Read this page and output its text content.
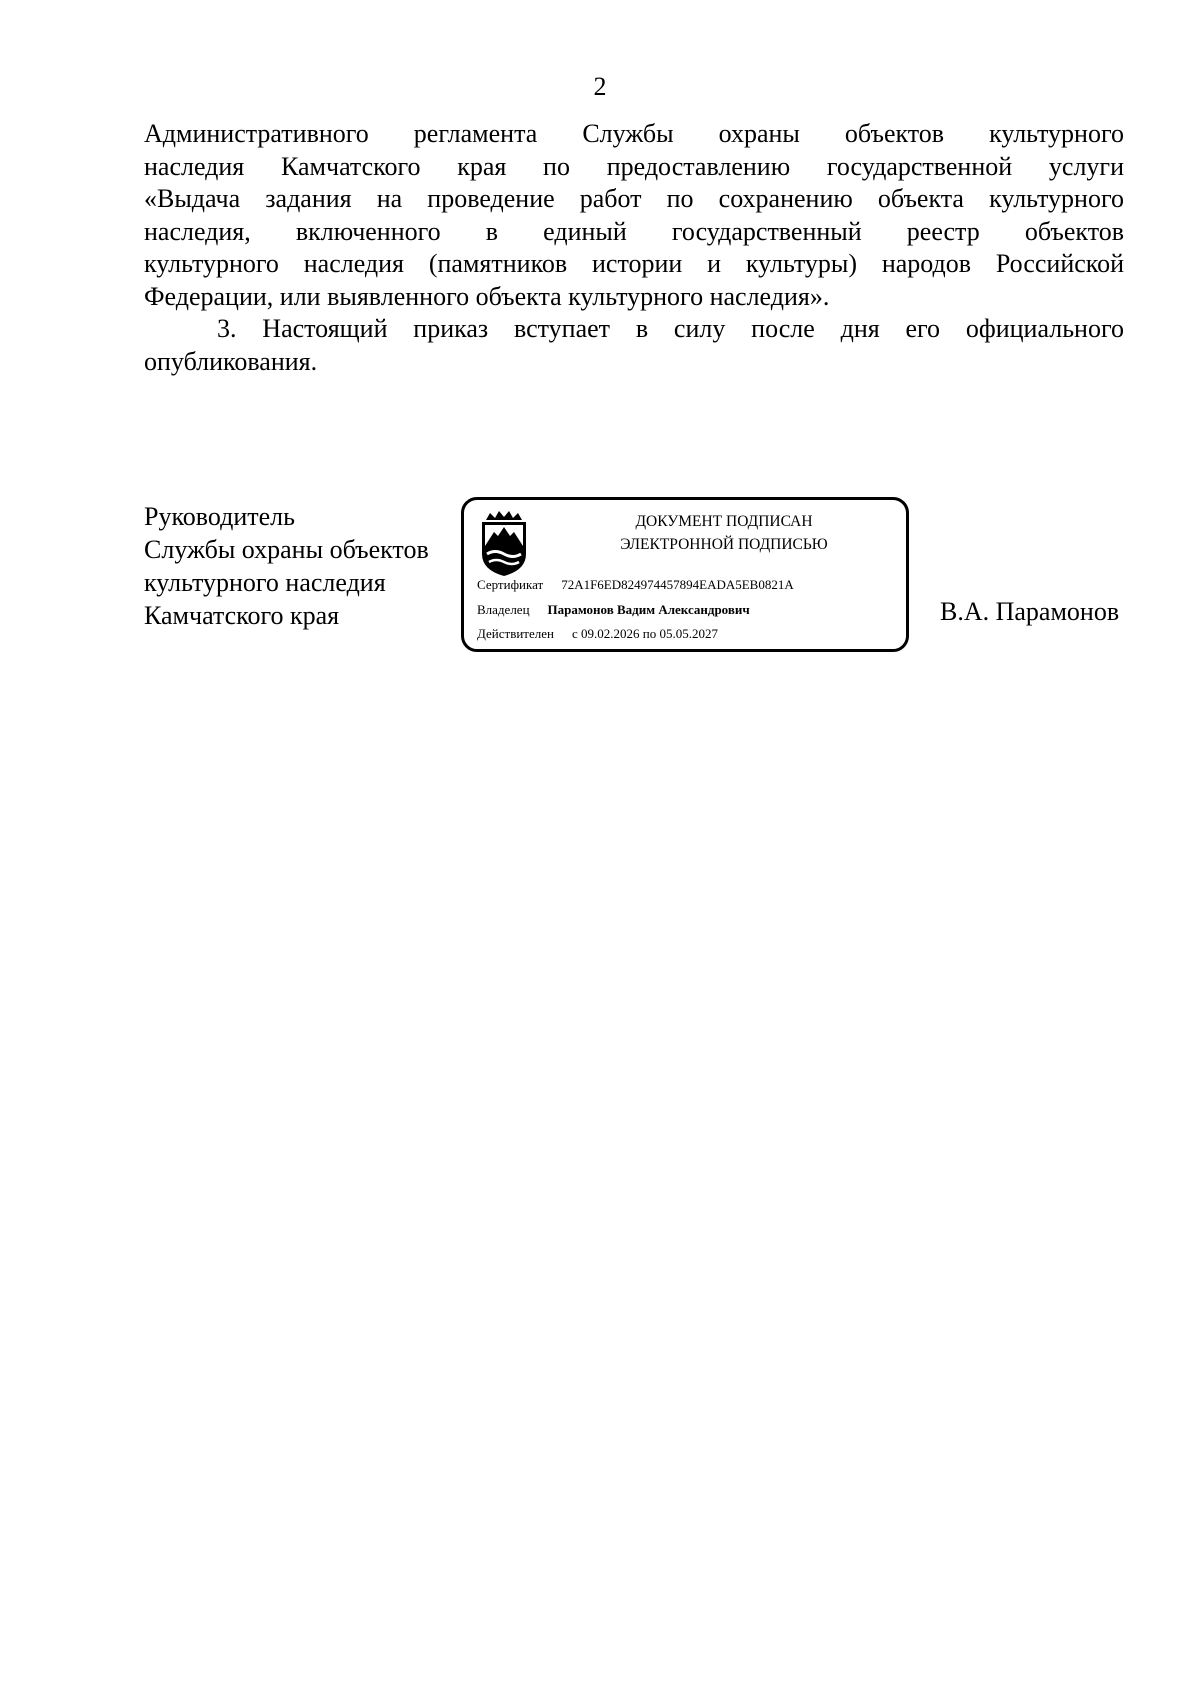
2

Административного регламента Службы охраны объектов культурного
наследия Камчатского края по предоставлению государственной услуги
«Выдача задания на проведение работ по сохранению объекта культурного
наследия, включенного в единый государственный реестр объектов
культурного наследия (памятников истории и культуры) народов Российской
Федерации, или выявленного объекта культурного наследия».

3. Настоящий приказ вступает в силу после дня его официального
опубликования.

Руководитель
Службы охраны объектов
культурного наследия
Камчатского края
ДОКУМЕНТ ПОДПИСАН
ЭЛЕКТРОННОЙ ПОДПИСЬЮ
Сертификат 72A1F6ED824974457894EADA5EB0821A
Владелец Парамонов Вадим Александрович
Действителен с 09.02.2026 по 05.05.2027
В.А. Парамонов
